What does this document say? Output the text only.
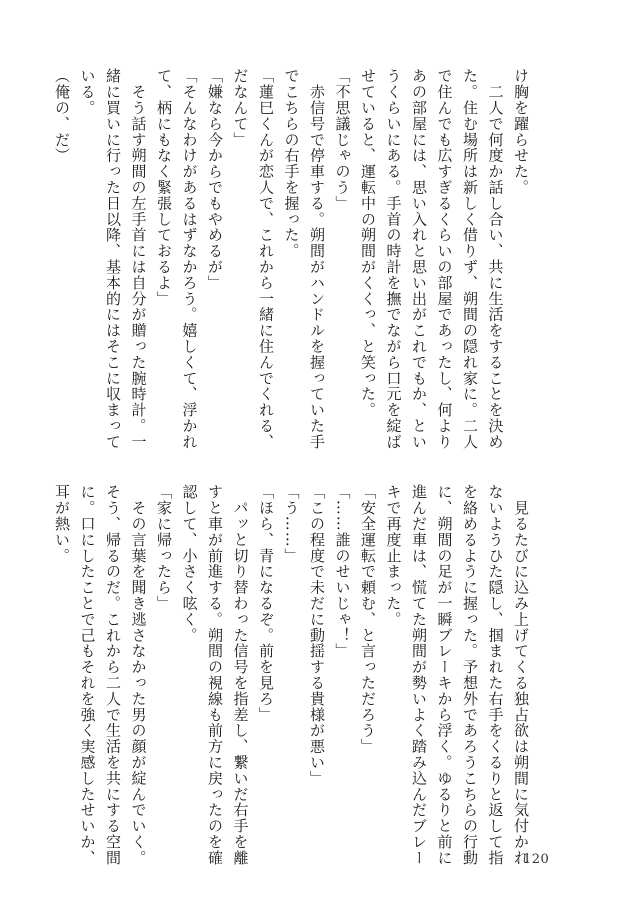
け胸を躍らせた。
　二人で何度か話し合い、共に生活をすることを決め
た。住む場所は新しく借りず、朔間の隠れ家に。二人
で住んでも広すぎるくらいの部屋であったし、何より
あの部屋には、思い入れと思い出がこれでもか、とい
うくらいにある。手首の時計を撫でながら口元を綻ば
せていると、運転中の朔間がくくっ、と笑った。
「不思議じゃのう」
　赤信号で停車する。朔間がハンドルを握っていた手
でこちらの右手を握った。
「蓮巳くんが恋人で、これから一緒に住んでくれる、
だなんて」
「嫌なら今からでもやめるが」
「そんなわけがあるはずなかろう。嬉しくて、浮かれ
て、柄にもなく緊張しておるよ」
　そう話す朔間の左手首には自分が贈った腕時計。一
緒に買いに行った日以降、基本的にはそこに収まって
いる。
（俺の、だ）
　見るたびに込み上げてくる独占欲は朔間に気付かれ
ないようひた隠し、掴まれた右手をくるりと返して指
を絡めるように握った。予想外であろうこちらの行動
に、朔間の足が一瞬ブレーキから浮く。ゆるりと前に
進んだ車は、慌てた朔間が勢いよく踏み込んだブレー
キで再度止まった。
「安全運転で頼む、と言っただろう」
「……誰のせいじゃ！」
「この程度で未だに動揺する貴様が悪い」
「う……」
「ほら、青になるぞ。前を見ろ」
　パッと切り替わった信号を指差し、繋いだ右手を離
すと車が前進する。朔間の視線も前方に戻ったのを確
認して、小さく呟く。
「家に帰ったら」
　その言葉を聞き逃さなかった男の顔が綻んでいく。
そう、帰るのだ。これから二人で生活を共にする空間
に。口にしたことで己もそれを強く実感したせいか、
耳が熱い。
120
